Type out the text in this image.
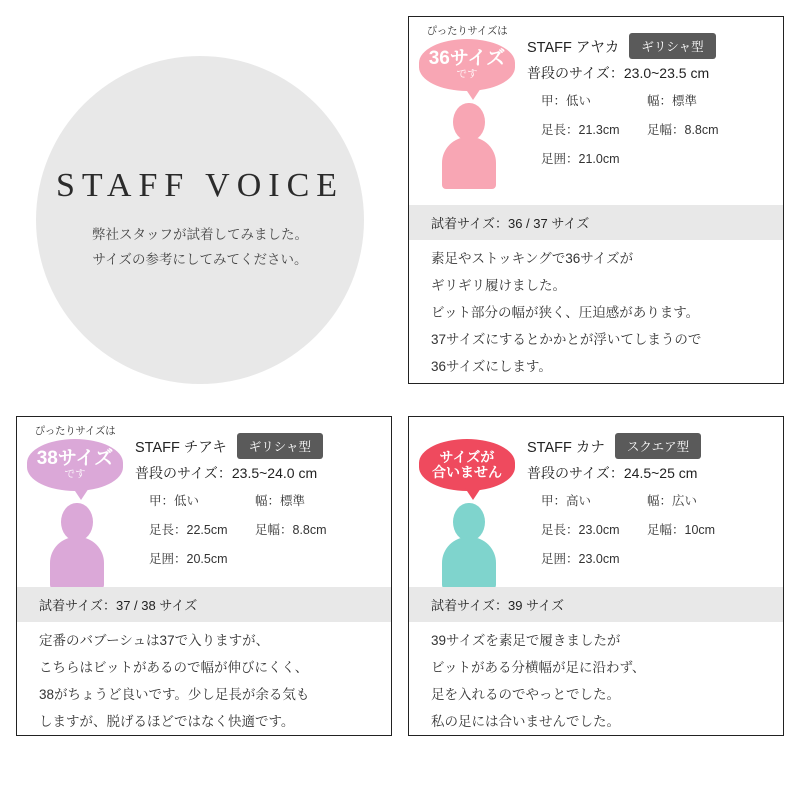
STAFF VOICE
弊社スタッフが試着してみました。
サイズの参考にしてみてください。
ぴったりサイズは
36サイズ
です
STAFF アヤカ	ギリシャ型
普段のサイズ：23.0~23.5 cm
甲：低い	幅：標準
足長：21.3cm	足幅：8.8cm
足囲：21.0cm
試着サイズ：36 / 37 サイズ
素足やストッキングで36サイズが
ギリギリ履けました。
ビット部分の幅が狭く、圧迫感があります。
37サイズにするとかかとが浮いてしまうので
36サイズにします。
ぴったりサイズは
38サイズ
です
STAFF チアキ	ギリシャ型
普段のサイズ：23.5~24.0 cm
甲：低い	幅：標準
足長：22.5cm	足幅：8.8cm
足囲：20.5cm
試着サイズ：37 / 38 サイズ
定番のバブーシュは37で入りますが、
こちらはビットがあるので幅が伸びにくく、
38がちょうど良いです。少し足長が余る気も
しますが、脱げるほどではなく快適です。

サイズが
合いません
STAFF カナ	スクエア型
普段のサイズ：24.5~25 cm
甲：高い	幅：広い
足長：23.0cm	足幅：10cm
足囲：23.0cm
試着サイズ：39 サイズ
39サイズを素足で履きましたが
ビットがある分横幅が足に沿わず、
足を入れるのでやっとでした。
私の足には合いませんでした。
